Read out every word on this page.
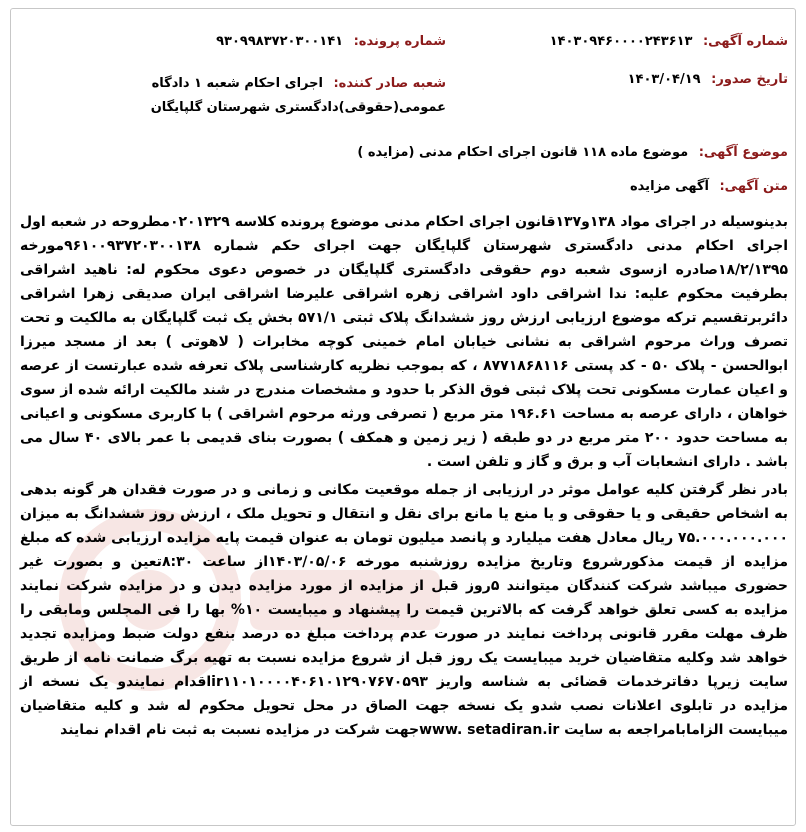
شماره آگهی: ۱۴۰۳۰۹۴۶۰۰۰۰۲۴۳۶۱۳
شماره پرونده: ۹۳۰۹۹۸۳۷۲۰۳۰۰۱۴۱
تاریخ صدور: ۱۴۰۳/۰۴/۱۹
شعبه صادر کننده: اجرای احکام شعبه ۱ دادگاه عمومی(حقوقی)دادگستری شهرستان گلپایگان
موضوع آگهی: موضوع ماده ۱۱۸ قانون اجرای احکام مدنی (مزایده )
متن آگهی: آگهی مزایده
بدینوسیله در اجرای مواد ۱۳۸و۱۳۷قانون اجرای احکام مدنی موضوع پرونده کلاسه ۰۲۰۱۳۲۹مطروحه در شعبه اول اجرای احکام مدنی دادگستری شهرستان گلپایگان جهت اجرای حکم شماره ۹۶۱۰۰۹۳۷۲۰۳۰۰۱۳۸مورخه ۱۸/۲/۱۳۹۵صادره ازسوی شعبه دوم حقوقی دادگستری گلپایگان در خصوص دعوی محکوم له: ناهید اشراقی بطرفیت محکوم علیه: ندا اشراقی داود اشراقی زهره اشراقی علیرضا اشراقی ایران صدیقی زهرا اشراقی دائربرتقسیم ترکه موضوع ارزیابی ارزش روز ششدانگ پلاک ثبتی ۵۷۱/۱ بخش یک ثبت گلپایگان به مالکیت و تحت تصرف وراث مرحوم اشراقی به نشانی خیابان امام خمینی کوچه مخابرات ( لاهوتی ) بعد از مسجد میرزا ابوالحسن - پلاک ۵۰ - کد پستی ۸۷۷۱۸۶۸۱۱۶ ، که بموجب نظریه کارشناسی پلاک تعرفه شده عبارتست از عرصه و اعیان عمارت مسکونی تحت پلاک ثبتی فوق الذکر با حدود و مشخصات مندرج در شند مالکیت ارائه شده از سوی خواهان ، دارای عرصه به مساحت ۱۹۶.۶۱ متر مربع ( تصرفی ورثه مرحوم اشراقی ) با کاربری مسکونی و اعیانی به مساحت حدود ۲۰۰ متر مربع در دو طبقه ( زیر زمین و همکف ) بصورت بنای قدیمی با عمر بالای ۴۰ سال می باشد . دارای انشعابات آب و برق و گاز و تلفن است .
بادر نظر گرفتن کلیه عوامل موثر در ارزیابی از جمله موقعیت مکانی و زمانی و در صورت فقدان هر گونه بدهی به اشخاص حقیقی و یا حقوقی و یا منع یا مانع برای نقل و انتقال و تحویل ملک ، ارزش روز ششدانگ به میزان ۷۵.۰۰۰.۰۰۰.۰۰۰ ریال معادل هفت میلیارد و پانصد میلیون تومان به عنوان قیمت پایه مزایده ارزیابی شده که مبلغ مزایده از قیمت مذکورشروع وتاریخ مزایده روزشنبه مورخه ۱۴۰۳/۰۵/۰۶از ساعت ۸:۳۰تعین و بصورت غیر حضوری میباشد شرکت کنندگان میتوانند ۵روز قبل از مزایده از مورد مزایده دیدن و در مزایده شرکت نمایند مزایده به کسی تعلق خواهد گرفت که بالاترین قیمت را پیشنهاد و میبایست ۱۰% بها را فی المجلس ومابقی را ظرف مهلت مقرر قانونی پرداخت نمایند در صورت عدم پرداخت مبلغ ده درصد بنفع دولت ضبط ومزایده تجدید خواهد شد وکلیه متقاضیان خرید میبایست یک روز قبل از شروع مزایده نسبت به تهیه برگ ضمانت نامه از طریق سایت زیرپا دفاترخدمات قضائی به شناسه واریز ir۱۱۰۱۰۰۰۰۴۰۶۱۰۱۲۹۰۷۶۷۰۵۹۳اقدام نمایندو یک نسخه از مزایده در تابلوی اعلانات نصب شدو یک نسخه جهت الصاق در محل تحویل محکوم له شد و کلیه متقاضیان میبایست الزامابامراجعه به سایت www. setadiran.irجهت شرکت در مزایده نسبت به ثبت نام اقدام نمایند
